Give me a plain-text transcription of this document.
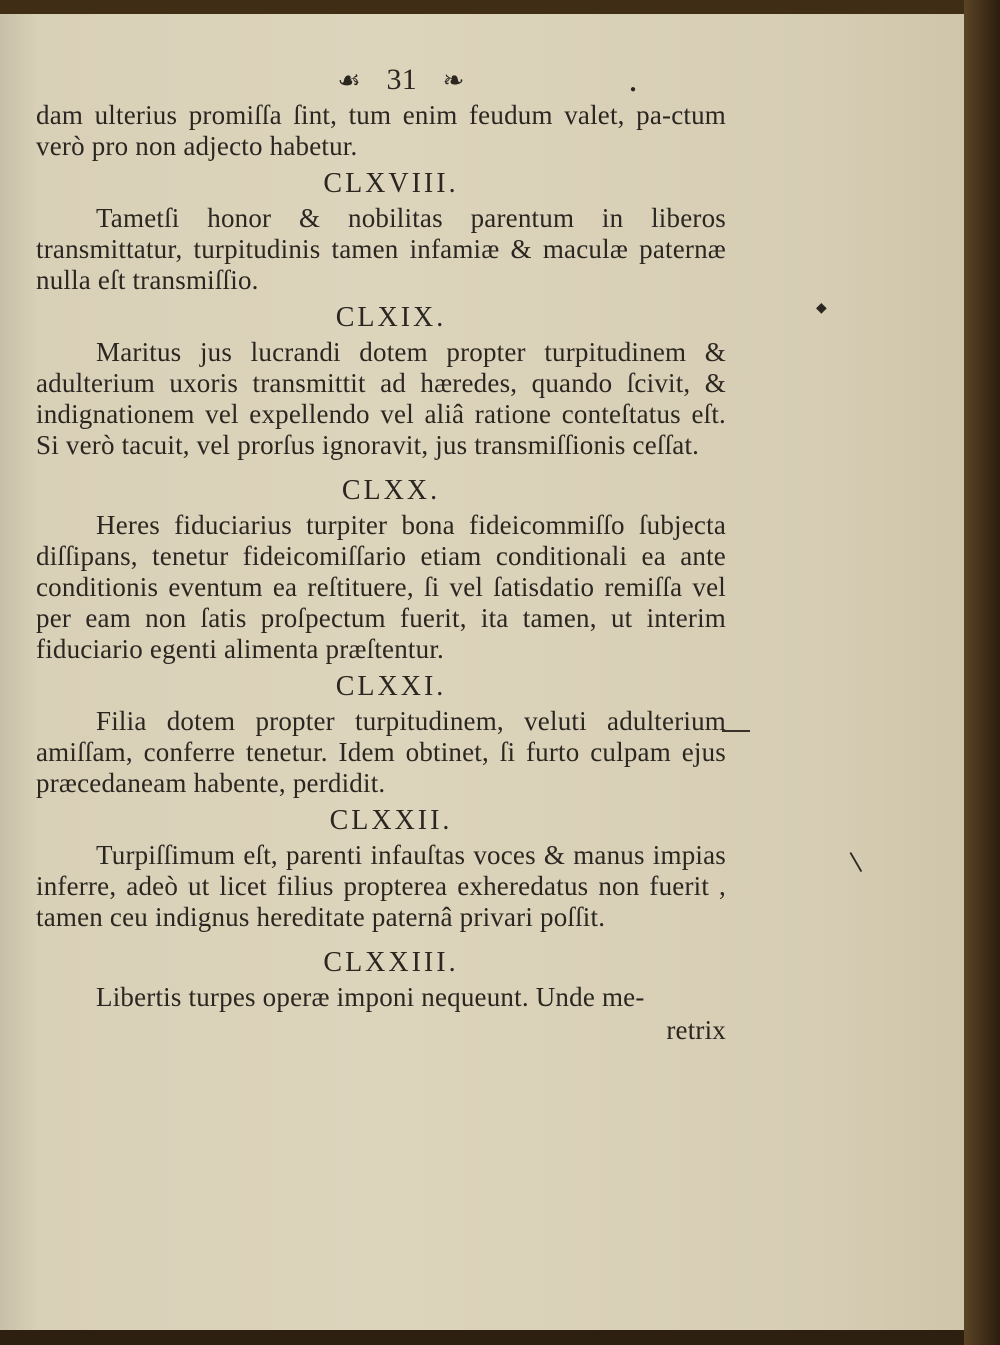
◆
❘
●
☙ 31 ❧

dam ulterius promiſſa ſint, tum enim feudum valet, pa-ctum verò pro non adjecto habetur.

CLXVIII.

Tametſi honor & nobilitas parentum in liberos transmittatur, turpitudinis tamen infamiæ & maculæ paternæ nulla eſt transmiſſio.

CLXIX.

Maritus jus lucrandi dotem propter turpitudinem & adulterium uxoris transmittit ad hæredes, quando ſcivit, & indignationem vel expellendo vel aliâ ratione conteſtatus eſt. Si verò tacuit, vel prorſus ignoravit, jus transmiſſionis ceſſat.

CLXX.

Heres fiduciarius turpiter bona fideicommiſſo ſubjecta diſſipans, tenetur fideicomiſſario etiam conditionali ea ante conditionis eventum ea reſtituere, ſi vel ſatisdatio remiſſa vel per eam non ſatis proſpectum fuerit, ita tamen, ut interim fiduciario egenti alimenta præſtentur.

CLXXI.

Filia dotem propter turpitudinem, veluti adulterium amiſſam, conferre tenetur. Idem obtinet, ſi furto culpam ejus præcedaneam habente, perdidit.

CLXXII.

Turpiſſimum eſt, parenti infauſtas voces & manus impias inferre, adeò ut licet filius propterea exheredatus non fuerit , tamen ceu indignus hereditate paternâ privari poſſit.

CLXXIII.

Libertis turpes operæ imponi nequeunt. Unde me-

retrix
